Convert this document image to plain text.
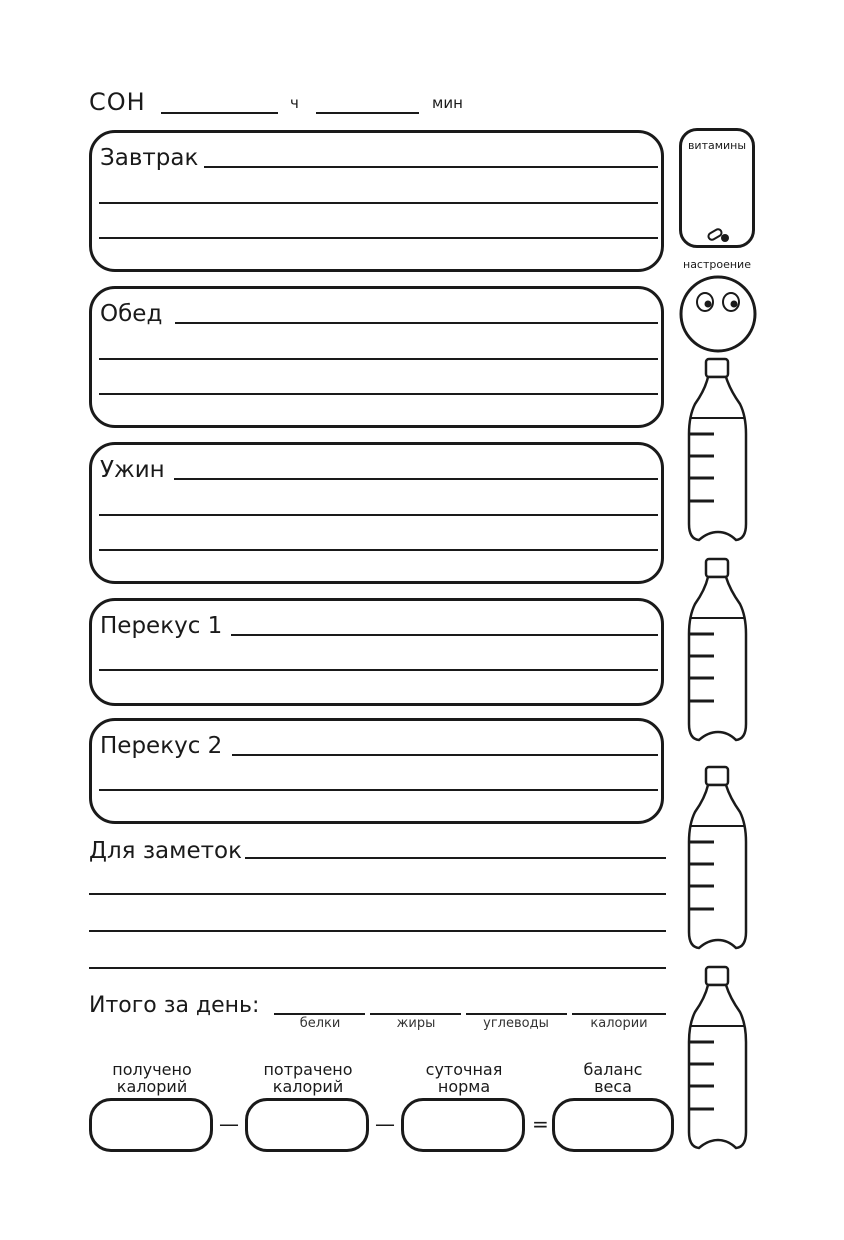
СОН	ч	мин
Завтрак
Обед
Ужин
Перекус 1
Перекус 2
Для заметок
Итого за день:
белки	жиры	углеводы	калории
получено
калорий
потрачено
калорий
суточная
норма
баланс
веса
—	—	=
витамины
настроение
